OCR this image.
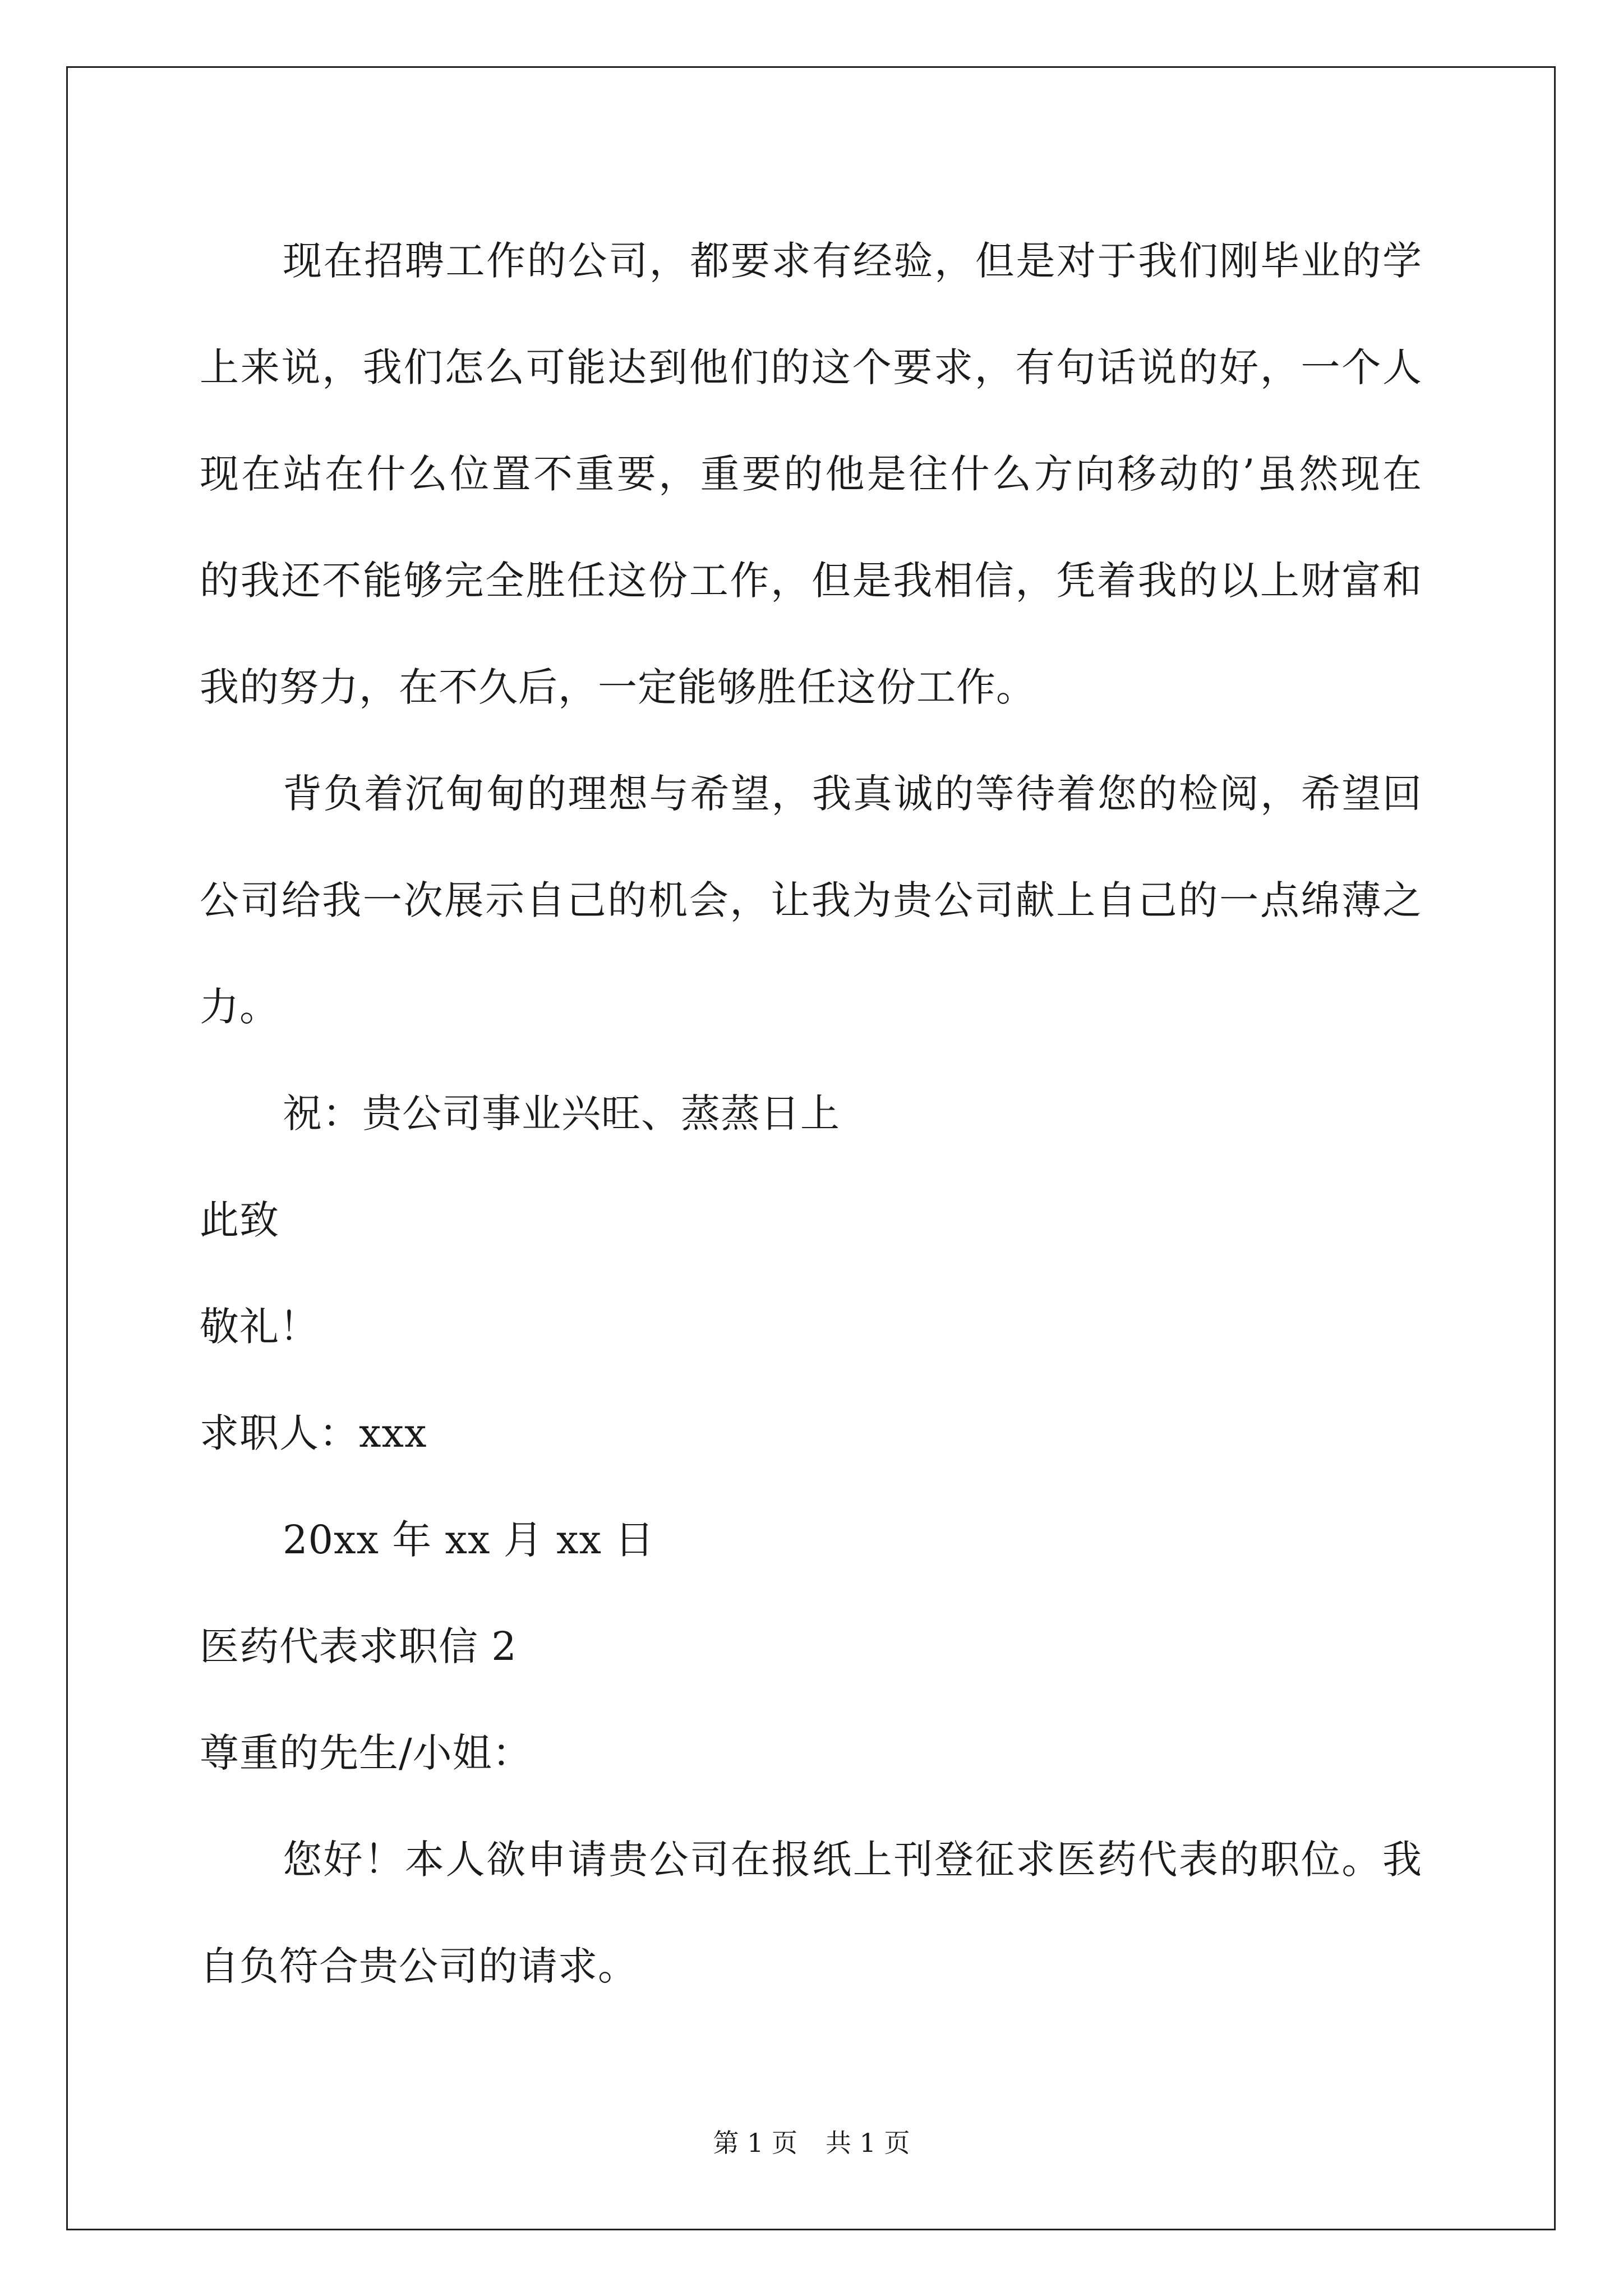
现在招聘工作的公司，都要求有经验，但是对于我们刚毕业的学
上来说，我们怎么可能达到他们的这个要求，有句话说的好，一个人
现在站在什么位置不重要，重要的他是往什么方向移动的’虽然现在
的我还不能够完全胜任这份工作，但是我相信，凭着我的以上财富和
我的努力，在不久后，一定能够胜任这份工作。
背负着沉甸甸的理想与希望，我真诚的等待着您的检阅，希望回
公司给我一次展示自己的机会，让我为贵公司献上自己的一点绵薄之
力。
祝：贵公司事业兴旺、蒸蒸日上
此致
敬礼！
求职人：xxx
20xx 年 xx 月 xx 日
医药代表求职信 2
尊重的先生/小姐：
您好！本人欲申请贵公司在报纸上刊登征求医药代表的职位。我
自负符合贵公司的请求。
第 1 页 共 1 页
